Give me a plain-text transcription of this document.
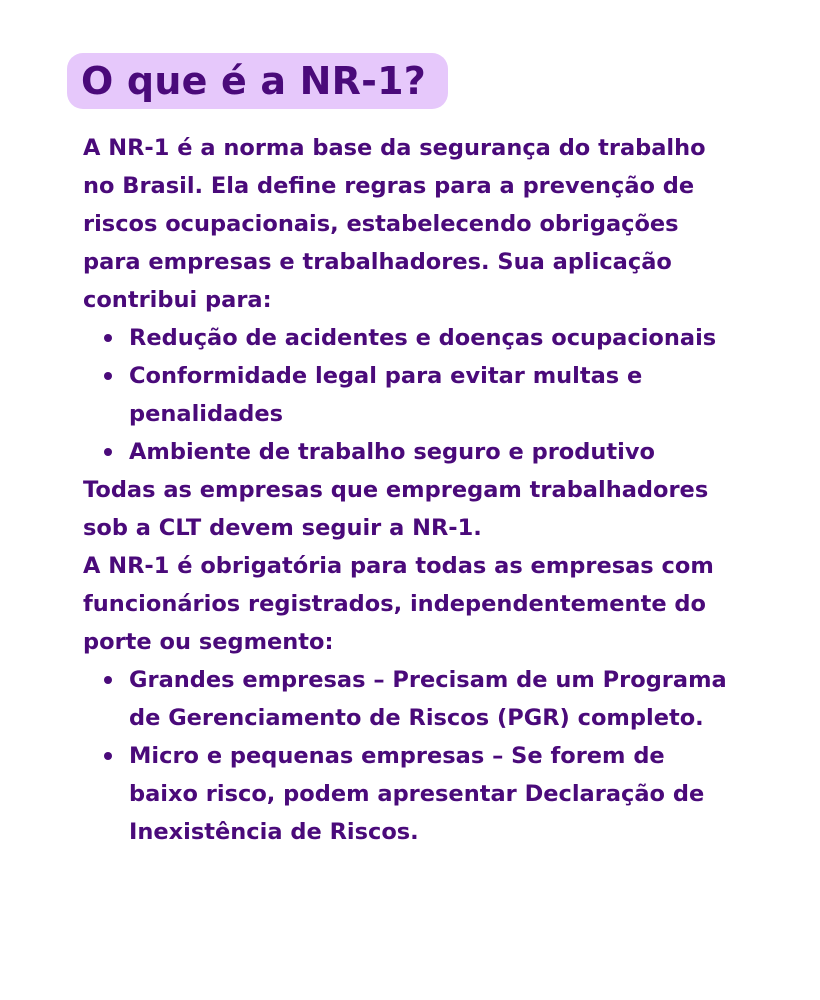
O que é a NR-1?

A NR-1 é a norma base da segurança do trabalho no Brasil. Ela define regras para a prevenção de riscos ocupacionais, estabelecendo obrigações para empresas e trabalhadores. Sua aplicação contribui para:

Redução de acidentes e doenças ocupacionais
Conformidade legal para evitar multas e penalidades
Ambiente de trabalho seguro e produtivo

Todas as empresas que empregam trabalhadores sob a CLT devem seguir a NR-1.

A NR-1 é obrigatória para todas as empresas com funcionários registrados, independentemente do porte ou segmento:

Grandes empresas – Precisam de um Programa de Gerenciamento de Riscos (PGR) completo.
Micro e pequenas empresas – Se forem de baixo risco, podem apresentar Declaração de Inexistência de Riscos.
